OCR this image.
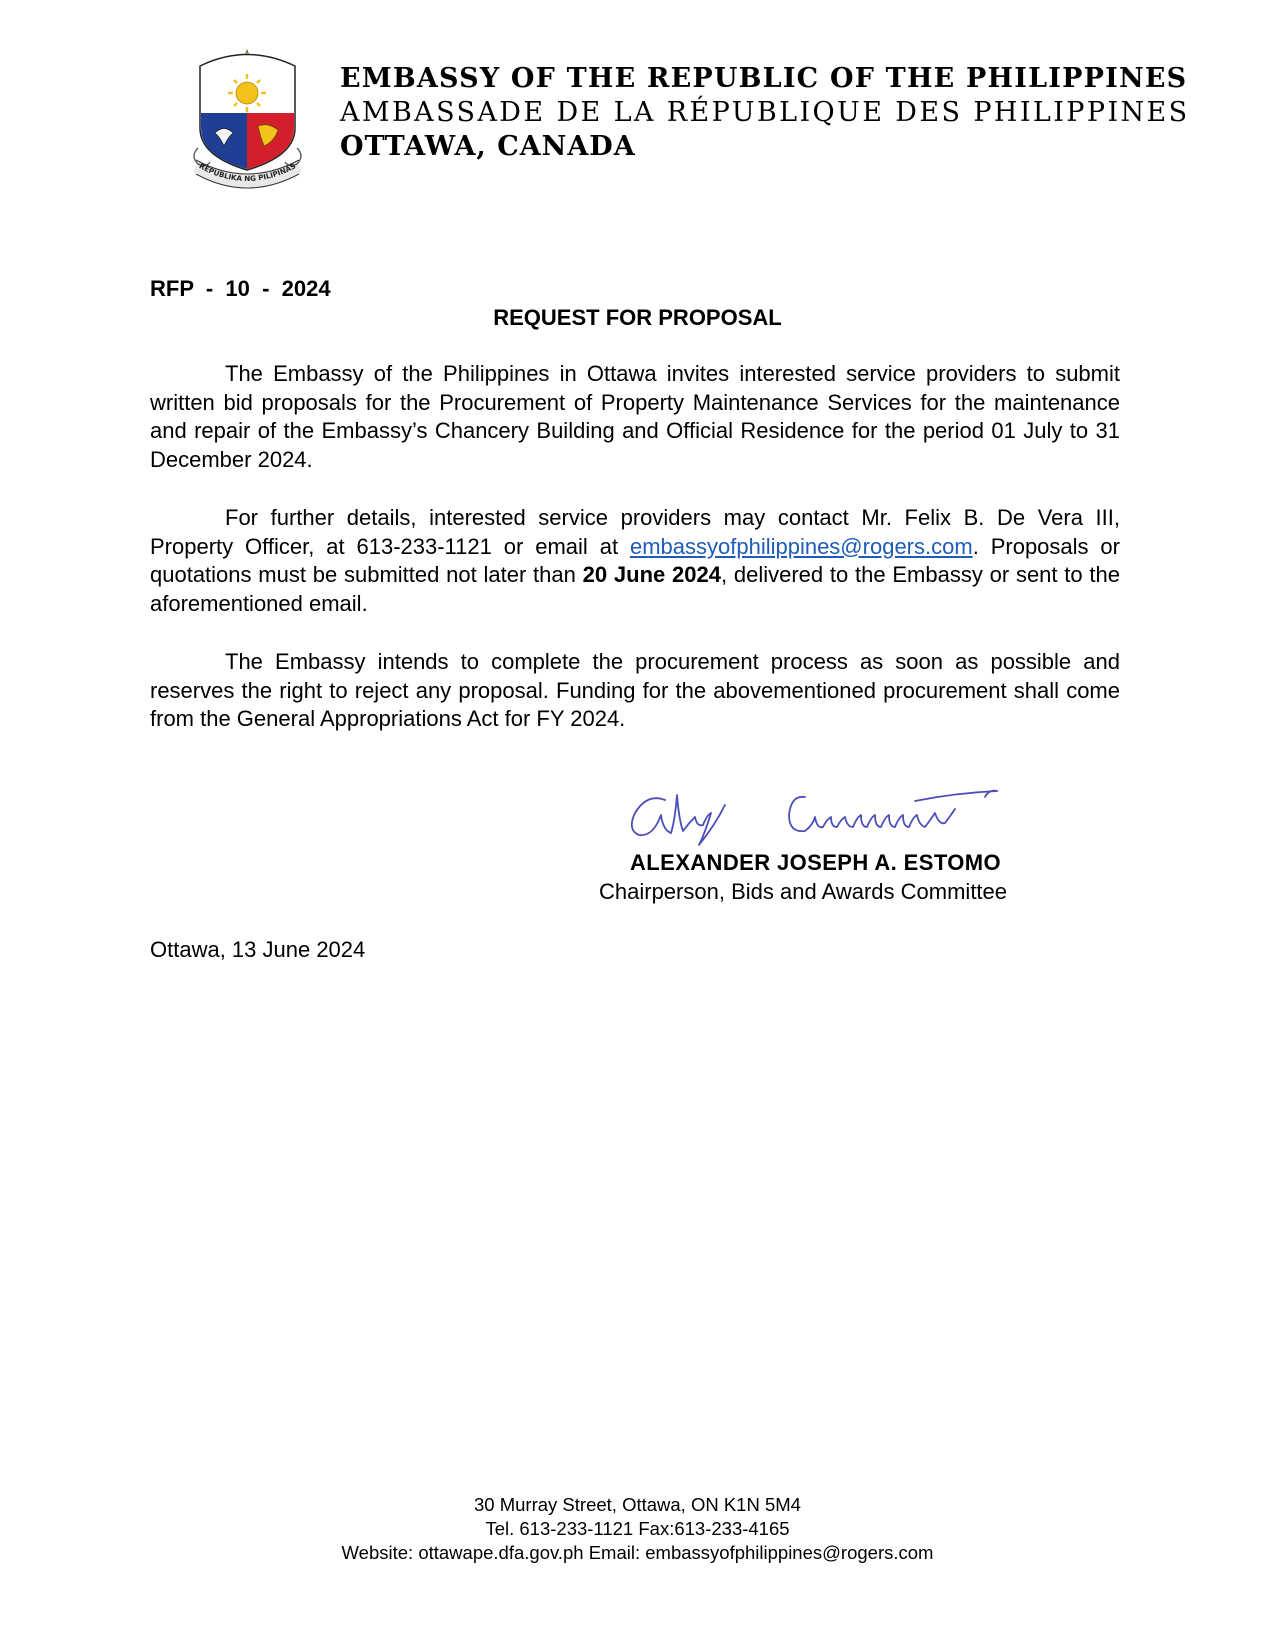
REPUBLIKA NG PILIPINAS
EMBASSY OF THE REPUBLIC OF THE PHILIPPINES
AMBASSADE DE LA RÉPUBLIQUE DES PHILIPPINES
OTTAWA, CANADA
RFP  -  10  -  2024
REQUEST FOR PROPOSAL

The Embassy of the Philippines in Ottawa invites interested service providers to submit written bid proposals for the Procurement of Property Maintenance Services for the maintenance and repair of the Embassy’s Chancery Building and Official Residence for the period 01 July to 31 December 2024.

For further details, interested service providers may contact Mr. Felix B. De Vera III, Property Officer, at 613-233-1121 or email at embassyofphilippines@rogers.com. Proposals or quotations must be submitted not later than 20 June 2024, delivered to the Embassy or sent to the aforementioned email.

The Embassy intends to complete the procurement process as soon as possible and reserves the right to reject any proposal. Funding for the abovementioned procurement shall come from the General Appropriations Act for FY 2024.

ALEXANDER JOSEPH A. ESTOMO
Chairperson, Bids and Awards Committee
Ottawa, 13 June 2024
30 Murray Street, Ottawa, ON K1N 5M4
Tel. 613-233-1121 Fax:613-233-4165
Website: ottawape.dfa.gov.ph Email: embassyofphilippines@rogers.com
